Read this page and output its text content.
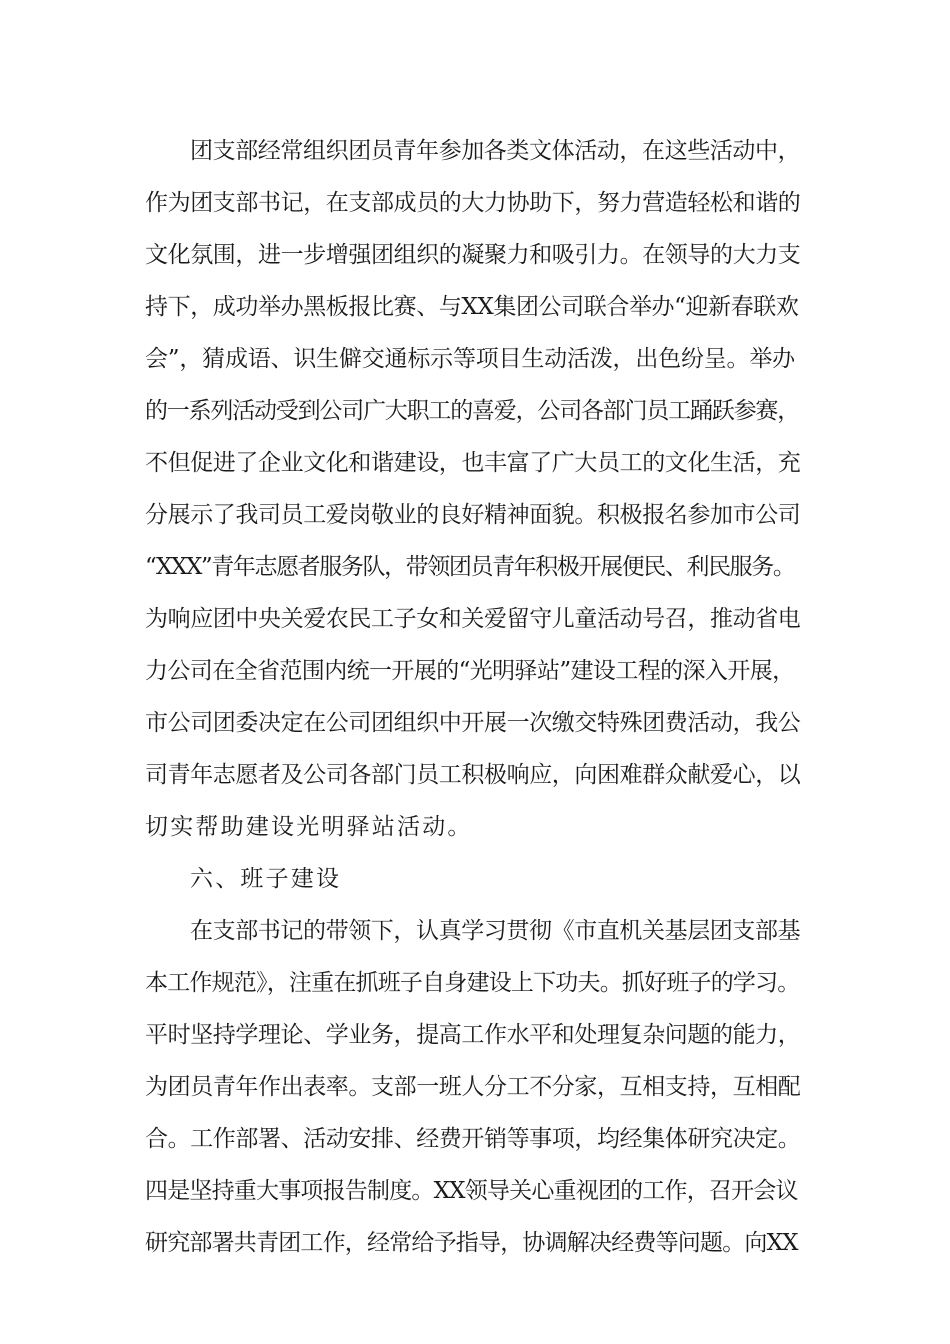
团支部经常组织团员青年参加各类文体活动，在这些活动中，
作为团支部书记，在支部成员的大力协助下，努力营造轻松和谐的
文化氛围，进一步增强团组织的凝聚力和吸引力。在领导的大力支
持下，成功举办黑板报比赛、与XX集团公司联合举办“迎新春联欢
会”，猜成语、识生僻交通标示等项目生动活泼，出色纷呈。举办
的一系列活动受到公司广大职工的喜爱，公司各部门员工踊跃参赛，
不但促进了企业文化和谐建设，也丰富了广大员工的文化生活，充
分展示了我司员工爱岗敬业的良好精神面貌。积极报名参加市公司
“XXX”青年志愿者服务队，带领团员青年积极开展便民、利民服务。
为响应团中央关爱农民工子女和关爱留守儿童活动号召，推动省电
力公司在全省范围内统一开展的“光明驿站”建设工程的深入开展，
市公司团委决定在公司团组织中开展一次缴交特殊团费活动，我公
司青年志愿者及公司各部门员工积极响应，向困难群众献爱心，以
切实帮助建设光明驿站活动。
六、班子建设
在支部书记的带领下，认真学习贯彻《市直机关基层团支部基
本工作规范》，注重在抓班子自身建设上下功夫。抓好班子的学习。
平时坚持学理论、学业务，提高工作水平和处理复杂问题的能力，
为团员青年作出表率。支部一班人分工不分家，互相支持，互相配
合。工作部署、活动安排、经费开销等事项，均经集体研究决定。
四是坚持重大事项报告制度。XX领导关心重视团的工作，召开会议
研究部署共青团工作，经常给予指导，协调解决经费等问题。向XX
